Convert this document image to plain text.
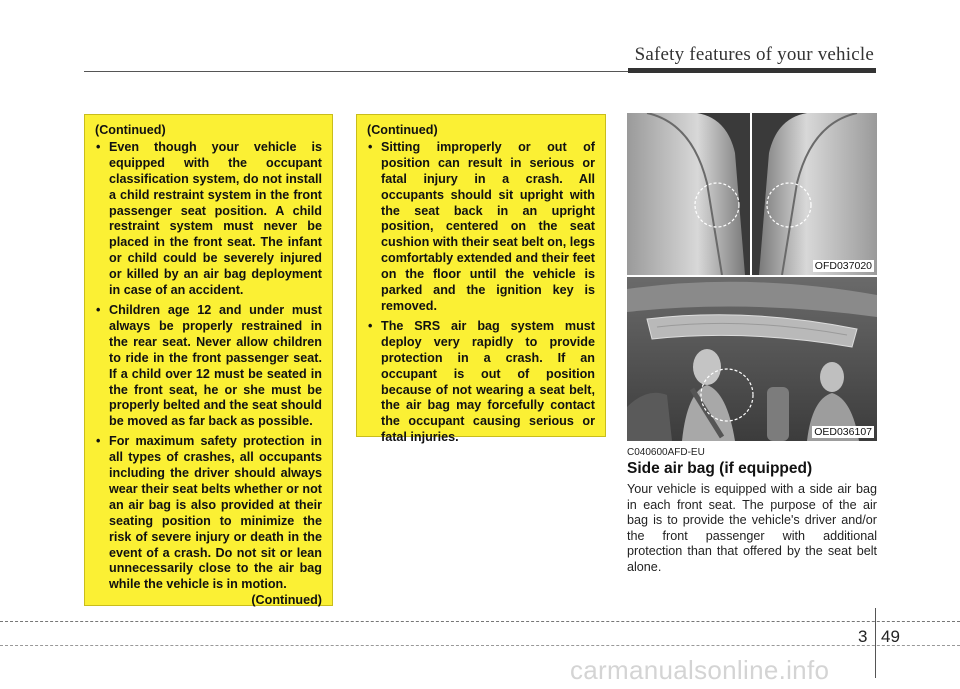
Safety features of your vehicle
(Continued)
• Even though your vehicle is equipped with the occupant classification system, do not install a child restraint system in the front passenger seat position. A child restraint system must never be placed in the front seat. The infant or child could be severely injured or killed by an air bag deployment in case of an accident.
• Children age 12 and under must always be properly restrained in the rear seat. Never allow children to ride in the front passenger seat. If a child over 12 must be seated in the front seat, he or she must be properly belted and the seat should be moved as far back as possible.
• For maximum safety protection in all types of crashes, all occupants including the driver should always wear their seat belts whether or not an air bag is also provided at their seating position to minimize the risk of severe injury or death in the event of a crash. Do not sit or lean unnecessarily close to the air bag while the vehicle is in motion.
(Continued)
(Continued)
• Sitting improperly or out of position can result in serious or fatal injury in a crash. All occupants should sit upright with the seat back in an upright position, centered on the seat cushion with their seat belt on, legs comfortably extended and their feet on the floor until the vehicle is parked and the ignition key is removed.
• The SRS air bag system must deploy very rapidly to provide protection in a crash. If an occupant is out of position because of not wearing a seat belt, the air bag may forcefully contact the occupant causing serious or fatal injuries.
OFD037020
OED036107
C040600AFD-EU
Side air bag (if equipped)
Your vehicle is equipped with a side air bag in each front seat. The purpose of the air bag is to provide the vehicle's driver and/or the front passenger with additional protection than that offered by the seat belt alone.
3 49
carmanualsonline.info
